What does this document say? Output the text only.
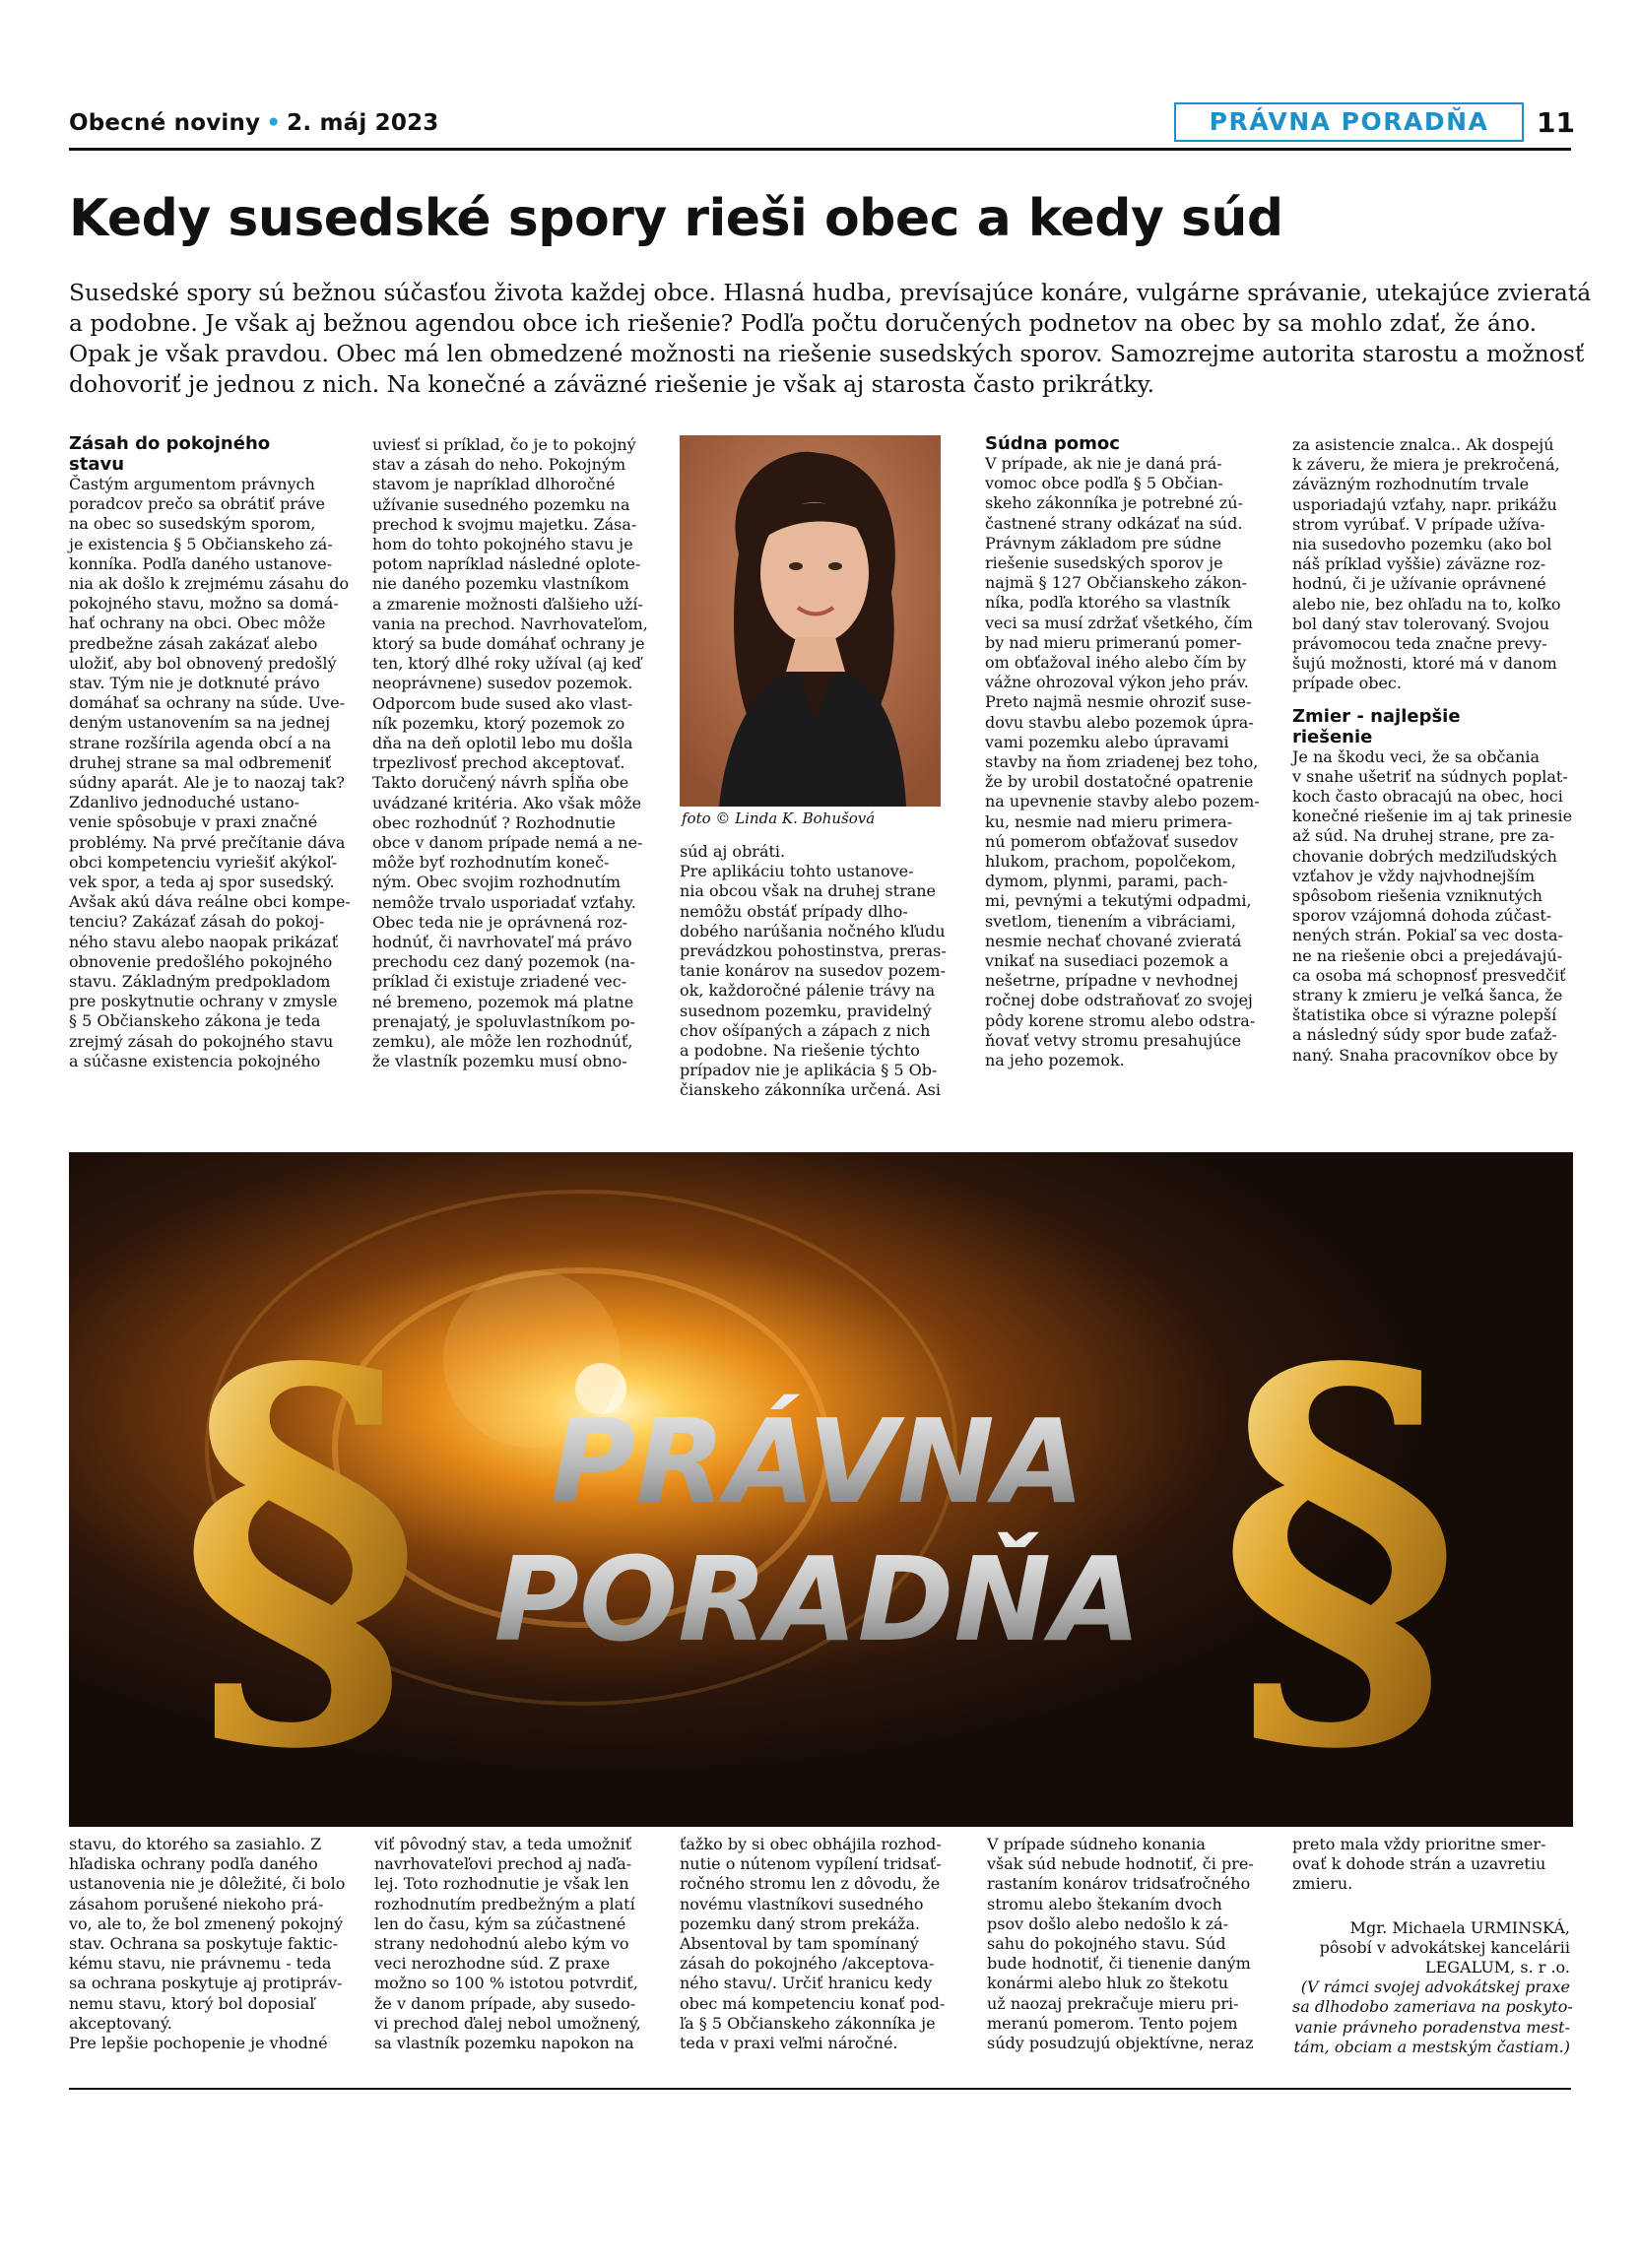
Obecné noviny • 2. máj 2023	PRÁVNA PORADŇA	11
Kedy susedské spory rieši obec a kedy súd

Susedské spory sú bežnou súčasťou života každej obce. Hlasná hudba, prevísajúce konáre, vulgárne správanie, utekajúce zvieratá

a podobne. Je však aj bežnou agendou obce ich riešenie? Podľa počtu doručených podnetov na obec by sa mohlo zdať, že áno.

Opak je však pravdou. Obec má len obmedzené možnosti na riešenie susedských sporov. Samozrejme autorita starostu a možnosť

dohovoriť je jednou z nich. Na konečné a záväzné riešenie je však aj starosta často prikrátky.

Zásah do pokojného

stavu

Častým argumentom právnych

poradcov prečo sa obrátiť práve

na obec so susedským sporom,

je existencia § 5 Občianskeho zá-

konníka. Podľa daného ustanove-

nia ak došlo k zrejmému zásahu do

pokojného stavu, možno sa domá-

hať ochrany na obci. Obec môže

predbežne zásah zakázať alebo

uložiť, aby bol obnovený predošlý

stav. Tým nie je dotknuté právo

domáhať sa ochrany na súde. Uve-

deným ustanovením sa na jednej

strane rozšírila agenda obcí a na

druhej strane sa mal odbremeniť

súdny aparát. Ale je to naozaj tak?

Zdanlivo jednoduché ustano-

venie spôsobuje v praxi značné

problémy. Na prvé prečítanie dáva

obci kompetenciu vyriešiť akýkoľ-

vek spor, a teda aj spor susedský.

Avšak akú dáva reálne obci kompe-

tenciu? Zakázať zásah do pokoj-

ného stavu alebo naopak prikázať

obnovenie predošlého pokojného

stavu. Základným predpokladom

pre poskytnutie ochrany v zmysle

§ 5 Občianskeho zákona je teda

zrejmý zásah do pokojného stavu

a súčasne existencia pokojného

uviesť si príklad, čo je to pokojný

stav a zásah do neho. Pokojným

stavom je napríklad dlhoročné

užívanie susedného pozemku na

prechod k svojmu majetku. Zása-

hom do tohto pokojného stavu je

potom napríklad následné oplote-

nie daného pozemku vlastníkom

a zmarenie možnosti ďalšieho uží-

vania na prechod. Navrhovateľom,

ktorý sa bude domáhať ochrany je

ten, ktorý dlhé roky užíval (aj keď

neoprávnene) susedov pozemok.

Odporcom bude sused ako vlast-

ník pozemku, ktorý pozemok zo

dňa na deň oplotil lebo mu došla

trpezlivosť prechod akceptovať.

Takto doručený návrh spĺňa obe

uvádzané kritéria. Ako však môže

obec rozhodnúť ? Rozhodnutie

obce v danom prípade nemá a ne-

môže byť rozhodnutím koneč-

ným. Obec svojim rozhodnutím

nemôže trvalo usporiadať vzťahy.

Obec teda nie je oprávnená roz-

hodnúť, či navrhovateľ má právo

prechodu cez daný pozemok (na-

príklad či existuje zriadené vec-

né bremeno, pozemok má platne

prenajatý, je spoluvlastníkom po-

zemku), ale môže len rozhodnúť,

že vlastník pozemku musí obno-

foto © Linda K. Bohušová

súd aj obráti.

Pre aplikáciu tohto ustanove-

nia obcou však na druhej strane

nemôžu obstáť prípady dlho-

dobého narúšania nočného kľudu

prevádzkou pohostinstva, preras-

tanie konárov na susedov pozem-

ok, každoročné pálenie trávy na

susednom pozemku, pravidelný

chov ošípaných a zápach z nich

a podobne. Na riešenie týchto

prípadov nie je aplikácia § 5 Ob-

čianskeho zákonníka určená. Asi

Súdna pomoc

V prípade, ak nie je daná prá-

vomoc obce podľa § 5 Občian-

skeho zákonníka je potrebné zú-

častnené strany odkázať na súd.

Právnym základom pre súdne

riešenie susedských sporov je

najmä § 127 Občianskeho zákon-

níka, podľa ktorého sa vlastník

veci sa musí zdržať všetkého, čím

by nad mieru primeranú pomer-

om obťažoval iného alebo čím by

vážne ohrozoval výkon jeho práv.

Preto najmä nesmie ohroziť suse-

dovu stavbu alebo pozemok úpra-

vami pozemku alebo úpravami

stavby na ňom zriadenej bez toho,

že by urobil dostatočné opatrenie

na upevnenie stavby alebo pozem-

ku, nesmie nad mieru primera-

nú pomerom obťažovať susedov

hlukom, prachom, popolčekom,

dymom, plynmi, parami, pach-

mi, pevnými a tekutými odpadmi,

svetlom, tienením a vibráciami,

nesmie nechať chované zvieratá

vnikať na susediaci pozemok a

nešetrne, prípadne v nevhodnej

ročnej dobe odstraňovať zo svojej

pôdy korene stromu alebo odstra-

ňovať vetvy stromu presahujúce

na jeho pozemok.

za asistencie znalca.. Ak dospejú

k záveru, že miera je prekročená,

záväzným rozhodnutím trvale

usporiadajú vzťahy, napr. prikážu

strom vyrúbať. V prípade užíva-

nia susedovho pozemku (ako bol

náš príklad vyššie) záväzne roz-

hodnú, či je užívanie oprávnené

alebo nie, bez ohľadu na to, koľko

bol daný stav tolerovaný. Svojou

právomocou teda značne prevy-

šujú možnosti, ktoré má v danom

prípade obec.

Zmier - najlepšie

riešenie

Je na škodu veci, že sa občania

v snahe ušetriť na súdnych poplat-

koch často obracajú na obec, hoci

konečné riešenie im aj tak prinesie

až súd. Na druhej strane, pre za-

chovanie dobrých medziľudských

vzťahov je vždy najvhodnejším

spôsobom riešenia vzniknutých

sporov vzájomná dohoda zúčast-

nených strán. Pokiaľ sa vec dosta-

ne na riešenie obci a prejedávajú-

ca osoba má schopnosť presvedčiť

strany k zmieru je veľká šanca, že

štatistika obce si výrazne polepší

a následný súdy spor bude zaťaž-

naný. Snaha pracovníkov obce by

§ §
PRÁVNA
PORADŇA

stavu, do ktorého sa zasiahlo. Z

hľadiska ochrany podľa daného

ustanovenia nie je dôležité, či bolo

zásahom porušené niekoho prá-

vo, ale to, že bol zmenený pokojný

stav. Ochrana sa poskytuje faktic-

kému stavu, nie právnemu - teda

sa ochrana poskytuje aj protipráv-

nemu stavu, ktorý bol doposiaľ

akceptovaný.

Pre lepšie pochopenie je vhodné

viť pôvodný stav, a teda umožniť

navrhovateľovi prechod aj naďa-

lej. Toto rozhodnutie je však len

rozhodnutím predbežným a platí

len do času, kým sa zúčastnené

strany nedohodnú alebo kým vo

veci nerozhodne súd. Z praxe

možno so 100 % istotou potvrdiť,

že v danom prípade, aby susedo-

vi prechod ďalej nebol umožnený,

sa vlastník pozemku napokon na

ťažko by si obec obhájila rozhod-

nutie o nútenom vypílení tridsať-

ročného stromu len z dôvodu, že

novému vlastníkovi susedného

pozemku daný strom prekáža.

Absentoval by tam spomínaný

zásah do pokojného /akceptova-

ného stavu/. Určiť hranicu kedy

obec má kompetenciu konať pod-

ľa § 5 Občianskeho zákonníka je

teda v praxi veľmi náročné.

V prípade súdneho konania

však súd nebude hodnotiť, či pre-

rastaním konárov tridsaťročného

stromu alebo štekaním dvoch

psov došlo alebo nedošlo k zá-

sahu do pokojného stavu. Súd

bude hodnotiť, či tienenie daným

konármi alebo hluk zo štekotu

už naozaj prekračuje mieru pri-

meranú pomerom. Tento pojem

súdy posudzujú objektívne, neraz

preto mala vždy prioritne smer-

ovať k dohode strán a uzavretiu

zmieru.

Mgr. Michaela URMINSKÁ,

pôsobí v advokátskej kancelárii

LEGALUM, s. r .o.

(V rámci svojej advokátskej praxe

sa dlhodobo zameriava na poskyto-

vanie právneho poradenstva mest-

tám, obciam a mestským častiam.)
